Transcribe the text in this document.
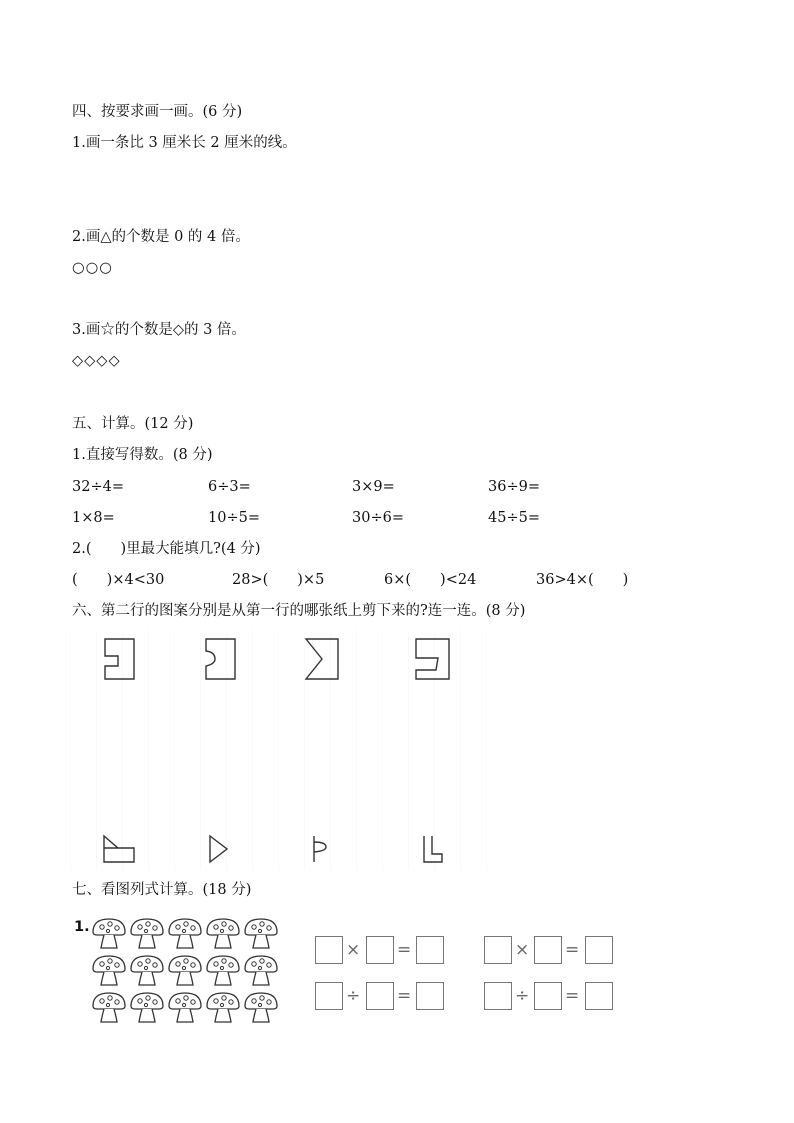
四、按要求画一画。(6 分)
1.画一条比 3 厘米长 2 厘米的线。
2.画△的个数是 0 的 4 倍。
○○○
3.画☆的个数是◇的 3 倍。
◇◇◇◇
五、计算。(12 分)
1.直接写得数。(8 分)
32÷4=	6÷3=	3×9=	36÷9=
1×8=	10÷5=	30÷6=	45÷5=
2.(　　)里最大能填几?(4 分)
(　　)×4<30	28>(　　)×5	6×(　　)<24	36>4×(　　)
六、第二行的图案分别是从第一行的哪张纸上剪下来的?连一连。(8 分)
七、看图列式计算。(18 分)
1.
× =
÷ =
× =
÷ =
